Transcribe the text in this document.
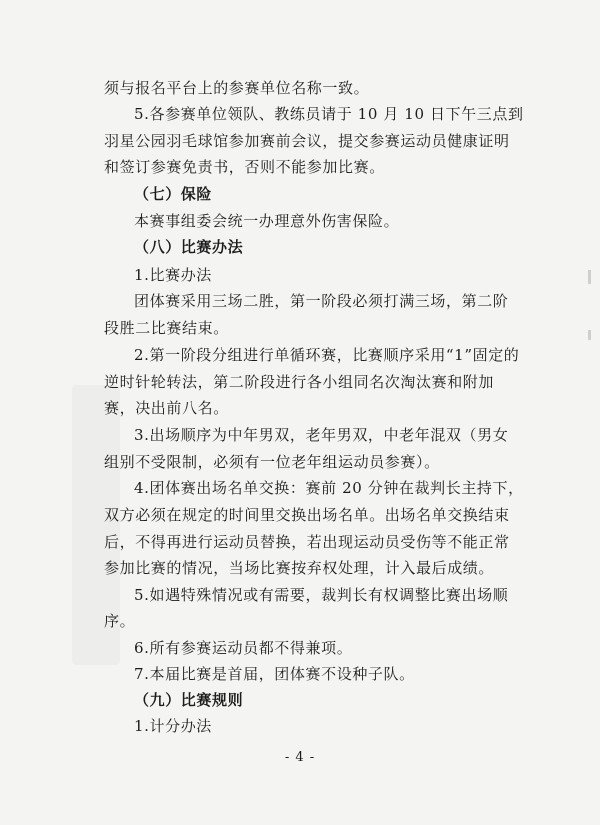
须与报名平台上的参赛单位名称一致。
5.各参赛单位领队、教练员请于 10 月 10 日下午三点到
羽星公园羽毛球馆参加赛前会议，提交参赛运动员健康证明
和签订参赛免责书，否则不能参加比赛。
（七）保险
本赛事组委会统一办理意外伤害保险。
（八）比赛办法
1.比赛办法
团体赛采用三场二胜，第一阶段必须打满三场，第二阶
段胜二比赛结束。
2.第一阶段分组进行单循环赛，比赛顺序采用“1”固定的
逆时针轮转法，第二阶段进行各小组同名次淘汰赛和附加
赛，决出前八名。
3.出场顺序为中年男双，老年男双，中老年混双（男女
组别不受限制，必须有一位老年组运动员参赛）。
4.团体赛出场名单交换：赛前 20 分钟在裁判长主持下，
双方必须在规定的时间里交换出场名单。出场名单交换结束
后，不得再进行运动员替换，若出现运动员受伤等不能正常
参加比赛的情况，当场比赛按弃权处理，计入最后成绩。
5.如遇特殊情况或有需要，裁判长有权调整比赛出场顺
序。
- 4 -
6.所有参赛运动员都不得兼项。
7.本届比赛是首届，团体赛不设种子队。
（九）比赛规则
1.计分办法
